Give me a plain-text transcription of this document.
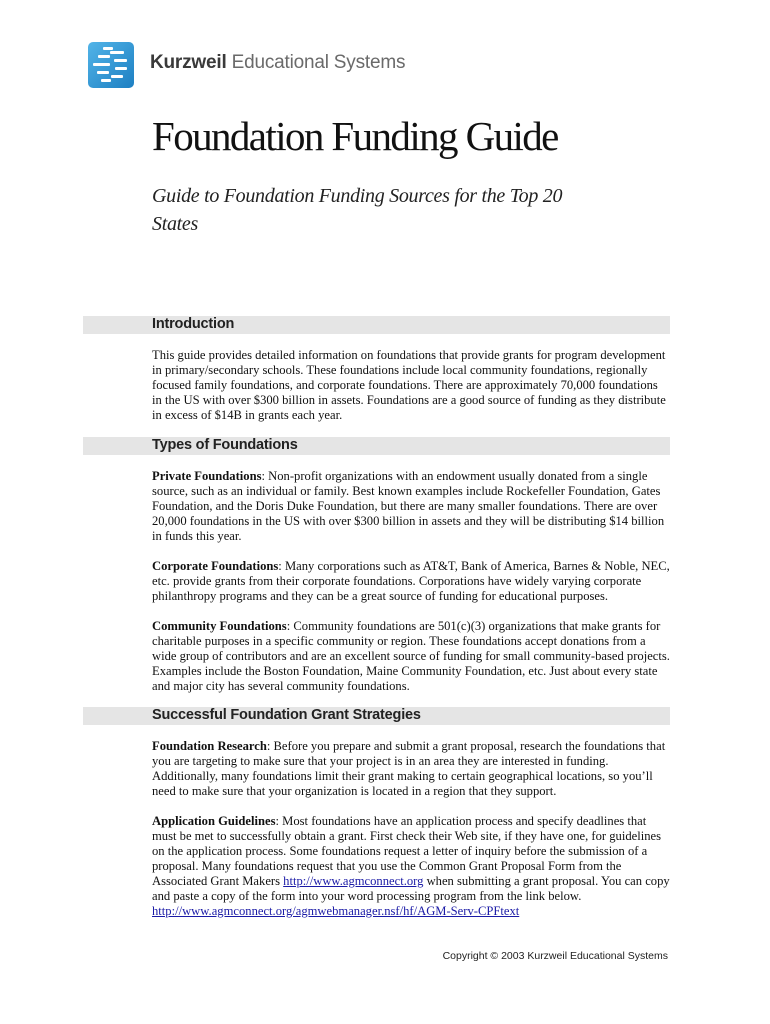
Kurzweil Educational Systems
Foundation Funding Guide
Guide to Foundation Funding Sources for the Top 20 States
Introduction

This guide provides detailed information on foundations that provide grants for program development in primary/secondary schools. These foundations include local community foundations, regionally focused family foundations, and corporate foundations. There are approximately 70,000 foundations in the US with over $300 billion in assets. Foundations are a good source of funding as they distribute in excess of $14B in grants each year.

Types of Foundations

Private Foundations: Non-profit organizations with an endowment usually donated from a single source, such as an individual or family. Best known examples include Rockefeller Foundation, Gates Foundation, and the Doris Duke Foundation, but there are many smaller foundations. There are over 20,000 foundations in the US with over $300 billion in assets and they will be distributing $14 billion in funds this year.

Corporate Foundations: Many corporations such as AT&T, Bank of America, Barnes & Noble, NEC, etc. provide grants from their corporate foundations. Corporations have widely varying corporate philanthropy programs and they can be a great source of funding for educational purposes.

Community Foundations: Community foundations are 501(c)(3) organizations that make grants for charitable purposes in a specific community or region. These foundations accept donations from a wide group of contributors and are an excellent source of funding for small community-based projects. Examples include the Boston Foundation, Maine Community Foundation, etc. Just about every state and major city has several community foundations.

Successful Foundation Grant Strategies

Foundation Research: Before you prepare and submit a grant proposal, research the foundations that you are targeting to make sure that your project is in an area they are interested in funding. Additionally, many foundations limit their grant making to certain geographical locations, so you’ll need to make sure that your organization is located in a region that they support.

Application Guidelines: Most foundations have an application process and specify deadlines that must be met to successfully obtain a grant. First check their Web site, if they have one, for guidelines on the application process. Some foundations request a letter of inquiry before the submission of a proposal. Many foundations request that you use the Common Grant Proposal Form from the Associated Grant Makers http://www.agmconnect.org when submitting a grant proposal. You can copy and paste a copy of the form into your word processing program from the link below.
http://www.agmconnect.org/agmwebmanager.nsf/hf/AGM-Serv-CPFtext

Copyright © 2003 Kurzweil Educational Systems
